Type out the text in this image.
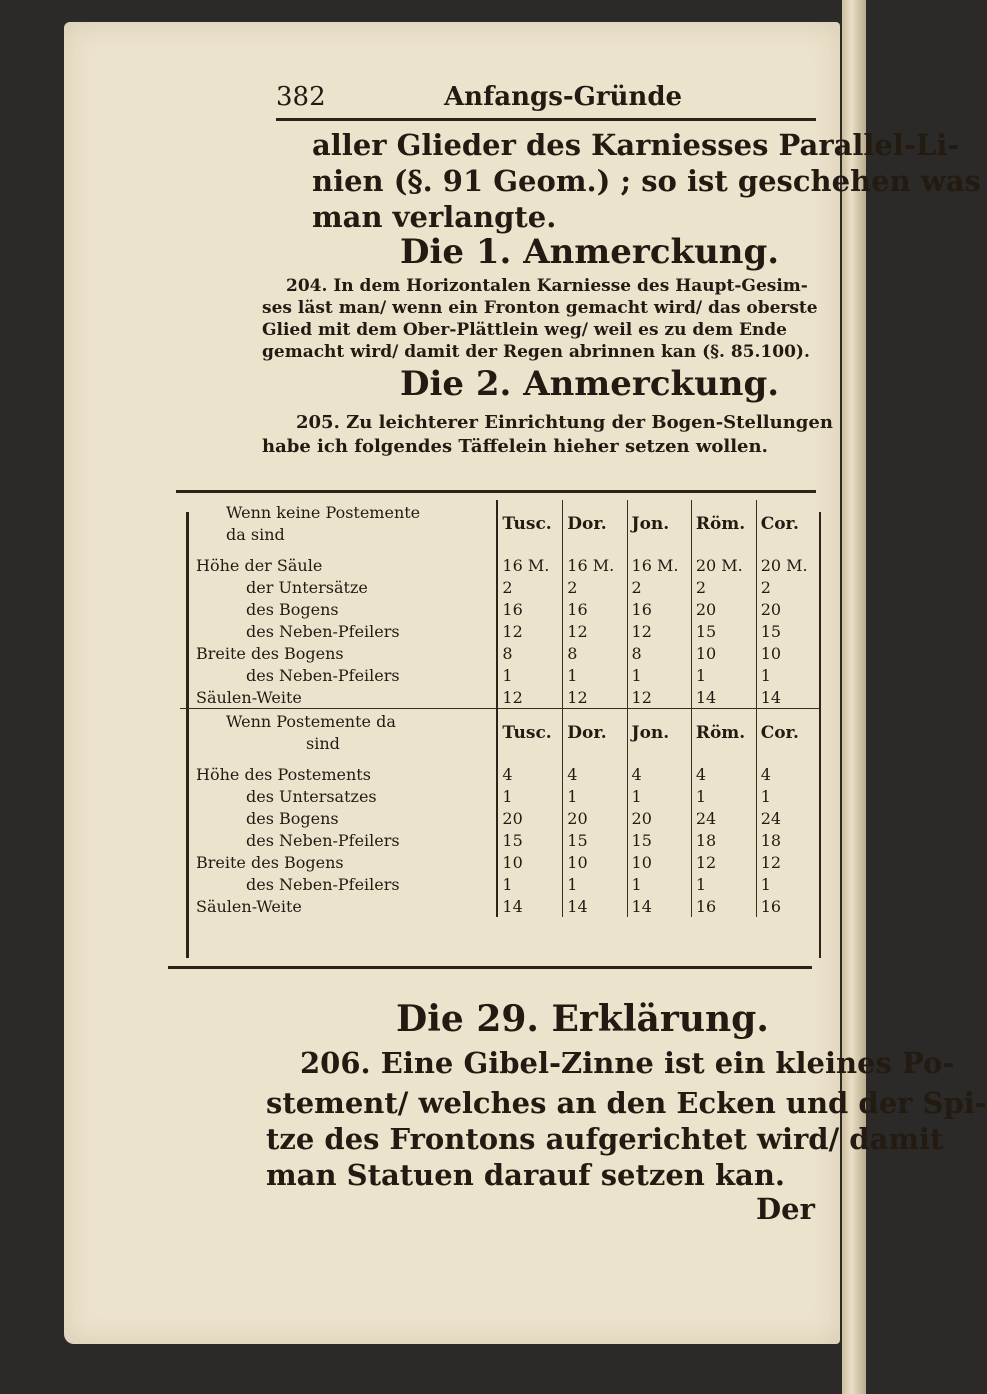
382	Anfangs-Gründe
aller Glieder des Karniesses Parallel-Li-
nien (§. 91 Geom.) ; so ist geschehen was
man verlangte.
Die 1. Anmerckung.
204. In dem Horizontalen Karniesse des Haupt-Gesim-
ses läst man/ wenn ein Fronton gemacht wird/ das oberste
Glied mit dem Ober-Plättlein weg/ weil es zu dem Ende
gemacht wird/ damit der Regen abrinnen kan (§. 85.100).
Die 2. Anmerckung.
205. Zu leichterer Einrichtung der Bogen-Stellungen
habe ich folgendes Täffelein hieher setzen wollen.
Wenn keine Postemente
da sind	Tusc.	Dor.	Jon.	Röm.	Cor.

Höhe der Säule	16 M.	16 M.	16 M.	20 M.	20 M.
der Untersätze	2	2	2	2	2
des Bogens	16	16	16	20	20
des Neben-Pfeilers	12	12	12	15	15
Breite des Bogens	8	8	8	10	10
des Neben-Pfeilers	1	1	1	1	1
Säulen-Weite	12	12	12	14	14
Wenn Postemente da
sind	Tusc.	Dor.	Jon.	Röm.	Cor.

Höhe des Postements	4	4	4	4	4
des Untersatzes	1	1	1	1	1
des Bogens	20	20	20	24	24
des Neben-Pfeilers	15	15	15	18	18
Breite des Bogens	10	10	10	12	12
des Neben-Pfeilers	1	1	1	1	1
Säulen-Weite	14	14	14	16	16
Die 29. Erklärung.
206. Eine Gibel-Zinne ist ein kleines Po-
stement/ welches an den Ecken und der Spi-
tze des Frontons aufgerichtet wird/ damit
man Statuen darauf setzen kan.
Der
